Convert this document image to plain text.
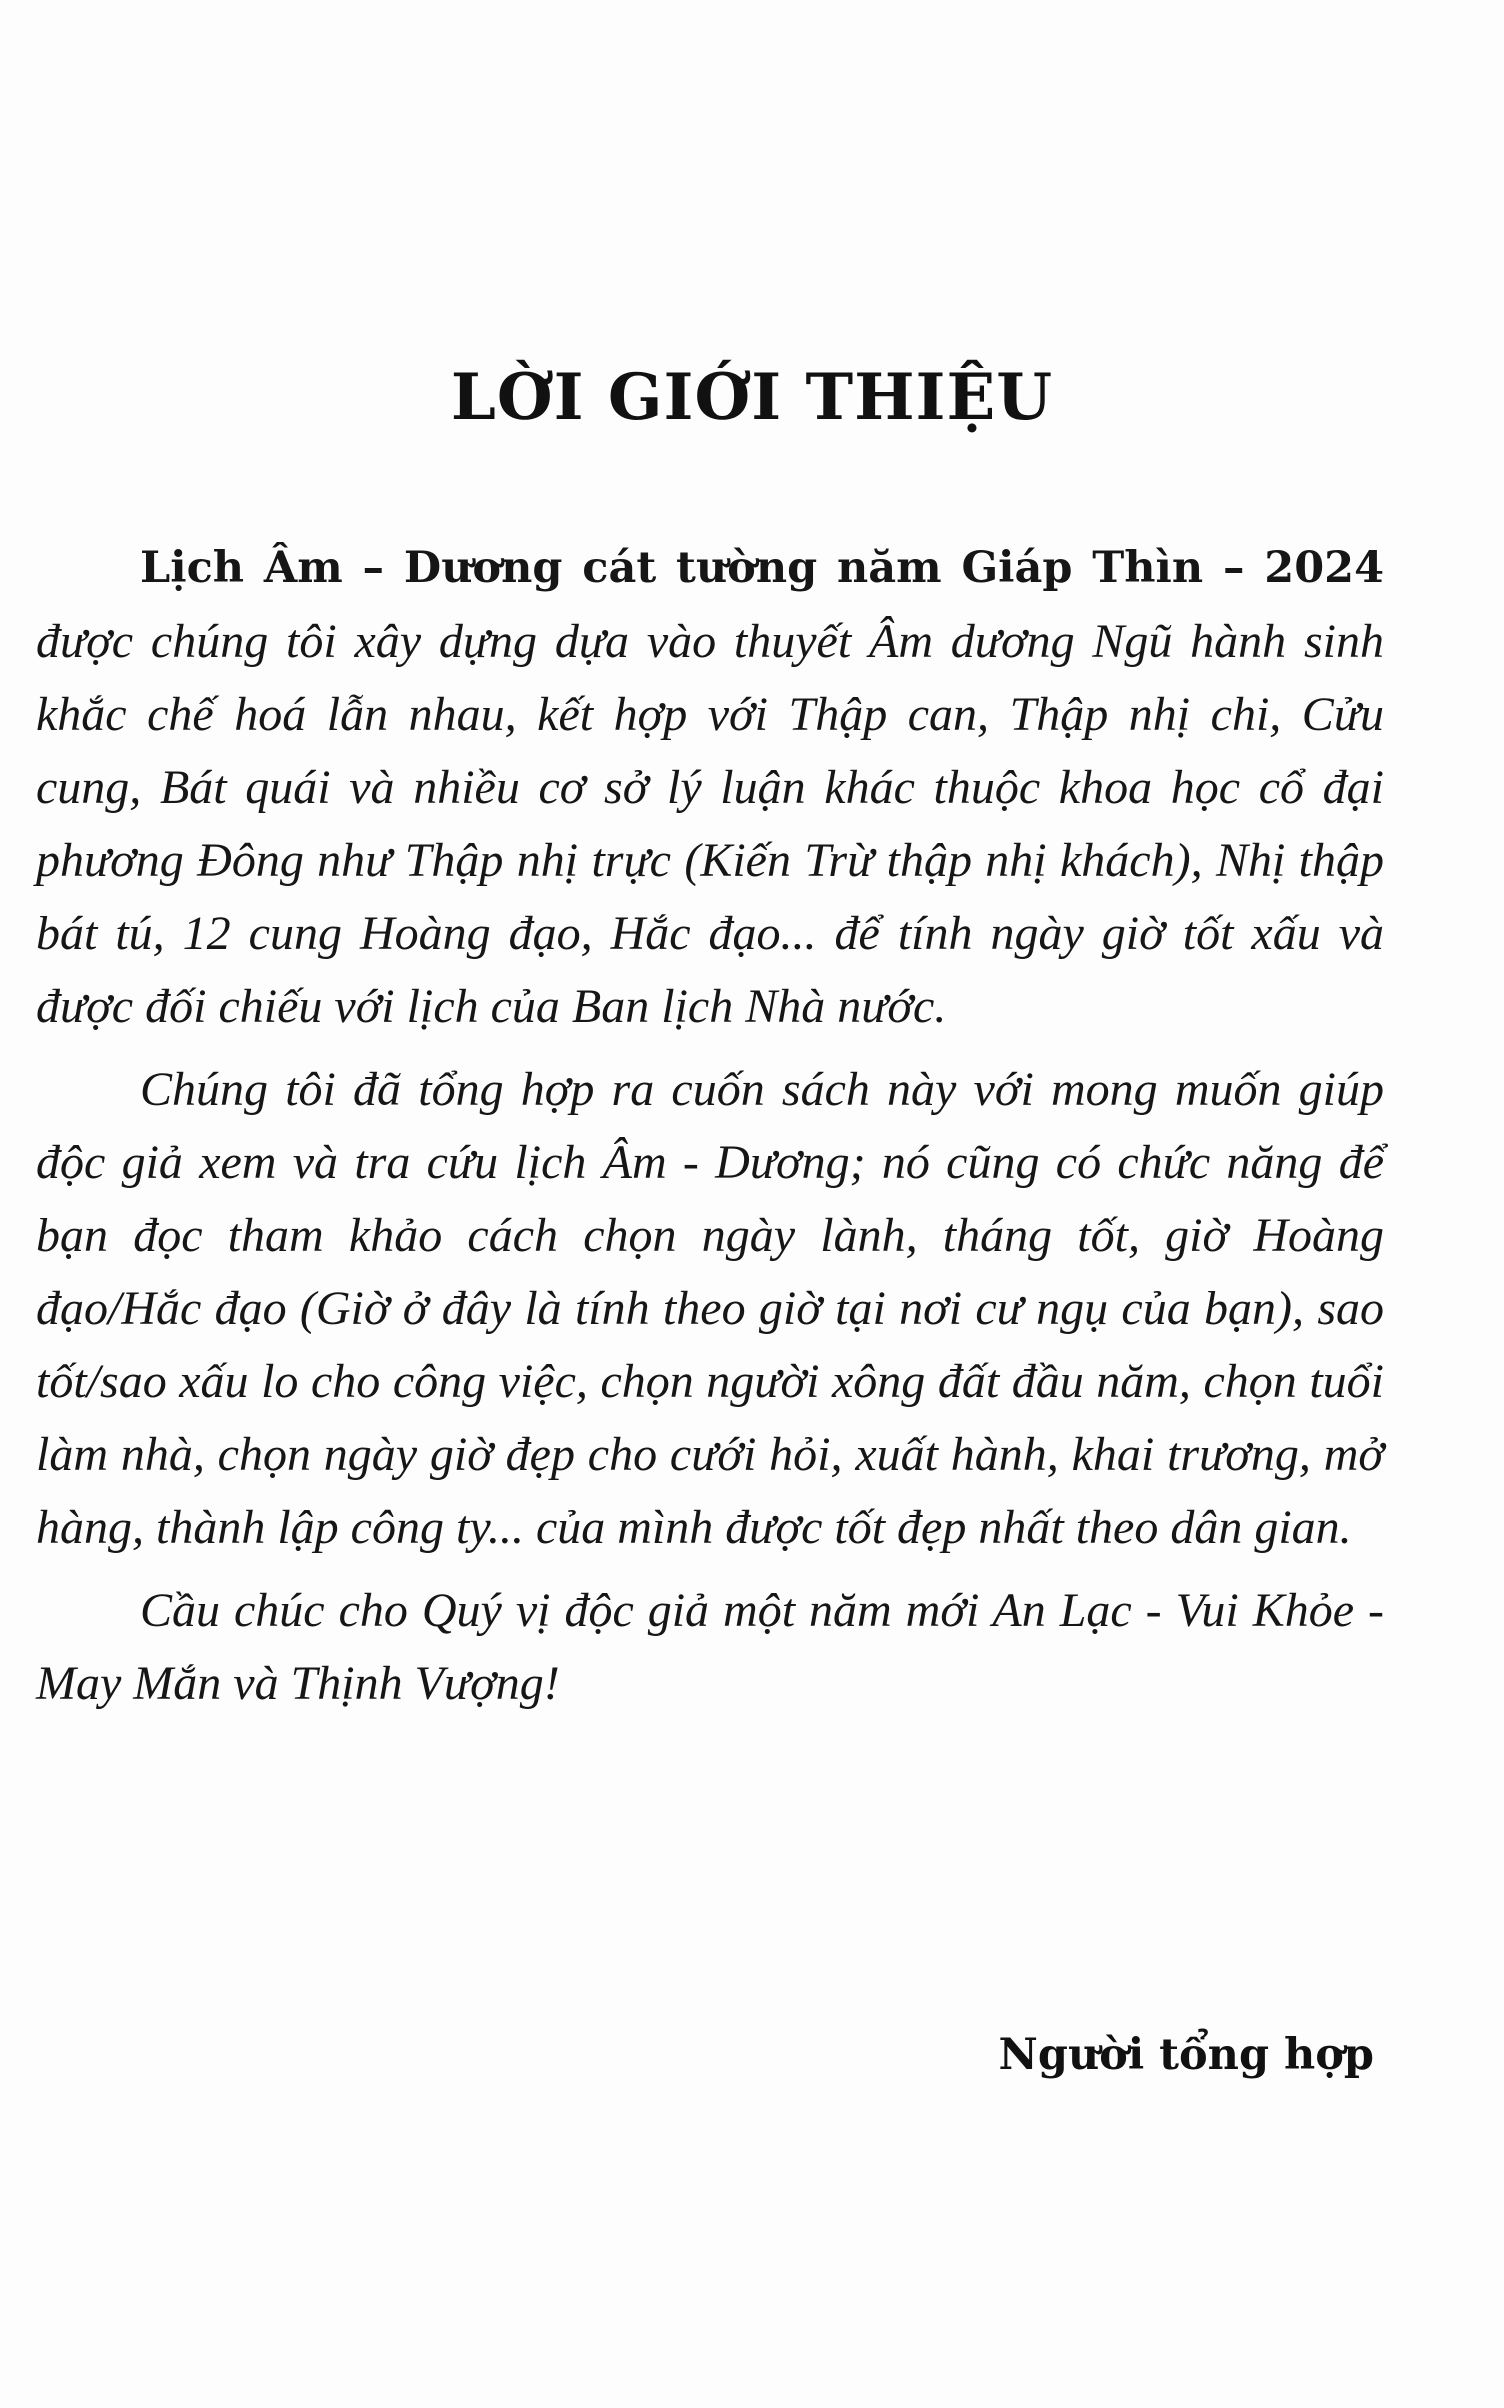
LỜI GIỚI THIỆU

Lịch Âm – Dương cát tường năm Giáp Thìn – 2024 được chúng tôi xây dựng dựa vào thuyết Âm dương Ngũ hành sinh khắc chế hoá lẫn nhau, kết hợp với Thập can, Thập nhị chi, Cửu cung, Bát quái và nhiều cơ sở lý luận khác thuộc khoa học cổ đại phương Đông như Thập nhị trực (Kiến Trừ thập nhị khách), Nhị thập bát tú, 12 cung Hoàng đạo, Hắc đạo... để tính ngày giờ tốt xấu và được đối chiếu với lịch của Ban lịch Nhà nước.

Chúng tôi đã tổng hợp ra cuốn sách này với mong muốn giúp độc giả xem và tra cứu lịch Âm - Dương; nó cũng có chức năng để bạn đọc tham khảo cách chọn ngày lành, tháng tốt, giờ Hoàng đạo/Hắc đạo (Giờ ở đây là tính theo giờ tại nơi cư ngụ của bạn), sao tốt/sao xấu lo cho công việc, chọn người xông đất đầu năm, chọn tuổi làm nhà, chọn ngày giờ đẹp cho cưới hỏi, xuất hành, khai trương, mở hàng, thành lập công ty... của mình được tốt đẹp nhất theo dân gian.

Cầu chúc cho Quý vị độc giả một năm mới An Lạc - Vui Khỏe - May Mắn và Thịnh Vượng!

Người tổng hợp
